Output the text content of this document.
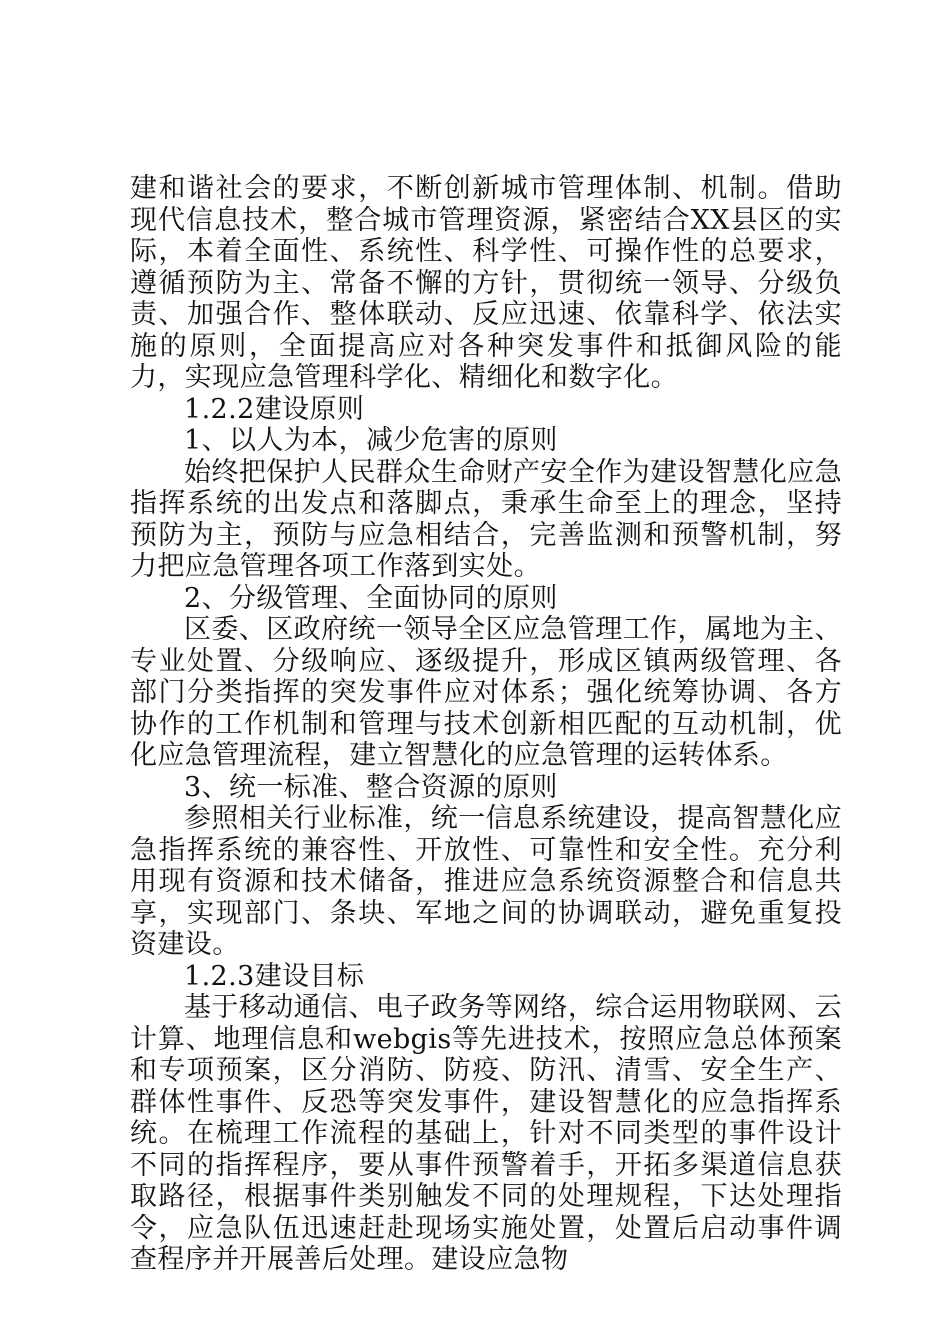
建和谐社会的要求，不断创新城市管理体制、机制。借助现代信息技术，整合城市管理资源，紧密结合XX县区的实际，本着全面性、系统性、科学性、可操作性的总要求，遵循预防为主、常备不懈的方针，贯彻统一领导、分级负责、加强合作、整体联动、反应迅速、依靠科学、依法实施的原则，全面提高应对各种突发事件和抵御风险的能力，实现应急管理科学化、精细化和数字化。

1.2.2建设原则

1、以人为本，减少危害的原则

始终把保护人民群众生命财产安全作为建设智慧化应急指挥系统的出发点和落脚点，秉承生命至上的理念，坚持预防为主，预防与应急相结合，完善监测和预警机制，努力把应急管理各项工作落到实处。

2、分级管理、全面协同的原则

区委、区政府统一领导全区应急管理工作，属地为主、专业处置、分级响应、逐级提升，形成区镇两级管理、各部门分类指挥的突发事件应对体系；强化统筹协调、各方协作的工作机制和管理与技术创新相匹配的互动机制，优化应急管理流程，建立智慧化的应急管理的运转体系。

3、统一标准、整合资源的原则

参照相关行业标准，统一信息系统建设，提高智慧化应急指挥系统的兼容性、开放性、可靠性和安全性。充分利用现有资源和技术储备，推进应急系统资源整合和信息共享，实现部门、条块、军地之间的协调联动，避免重复投资建设。

1.2.3建设目标

基于移动通信、电子政务等网络，综合运用物联网、云计算、地理信息和webgis等先进技术，按照应急总体预案和专项预案，区分消防、防疫、防汛、清雪、安全生产、群体性事件、反恐等突发事件，建设智慧化的应急指挥系统。在梳理工作流程的基础上，针对不同类型的事件设计不同的指挥程序，要从事件预警着手，开拓多渠道信息获取路径，根据事件类别触发不同的处理规程，下达处理指令，应急队伍迅速赶赴现场实施处置，处置后启动事件调查程序并开展善后处理。建设应急物
